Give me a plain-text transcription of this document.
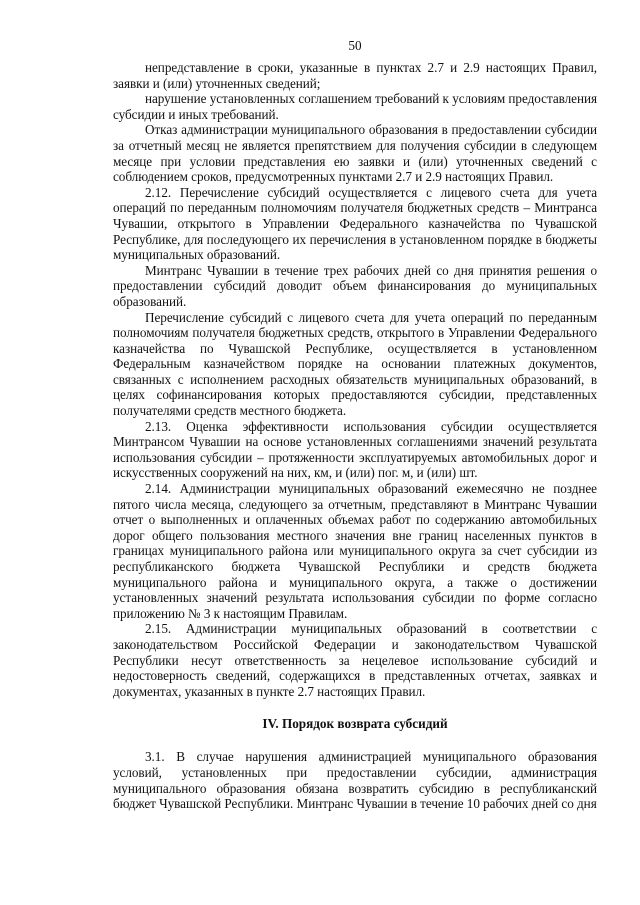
50

непредставление в сроки, указанные в пунктах 2.7 и 2.9 настоящих Правил, заявки и (или) уточненных сведений;

нарушение установленных соглашением требований к условиям предоставления субсидии и иных требований.

Отказ администрации муниципального образования в предоставлении субсидии за отчетный месяц не является препятствием для получения субсидии в следующем месяце при условии представления ею заявки и (или) уточненных сведений с соблюдением сроков, предусмотренных пунктами 2.7 и 2.9 настоящих Правил.

2.12. Перечисление субсидий осуществляется с лицевого счета для учета операций по переданным полномочиям получателя бюджетных средств – Минтранса Чувашии, открытого в Управлении Федерального казначейства по Чувашской Республике, для последующего их перечисления в установленном порядке в бюджеты муниципальных образований.

Минтранс Чувашии в течение трех рабочих дней со дня принятия решения о предоставлении субсидий доводит объем финансирования до муниципальных образований.

Перечисление субсидий с лицевого счета для учета операций по переданным полномочиям получателя бюджетных средств, открытого в Управлении Федерального казначейства по Чувашской Республике, осуществляется в установленном Федеральным казначейством порядке на основании платежных документов, связанных с исполнением расходных обязательств муниципальных образований, в целях софинансирования которых предоставляются субсидии, представленных получателями средств местного бюджета.

2.13. Оценка эффективности использования субсидии осуществляется Минтрансом Чувашии на основе установленных соглашениями значений результата использования субсидии – протяженности эксплуатируемых автомобильных дорог и искусственных сооружений на них, км, и (или) пог. м, и (или) шт.

2.14. Администрации муниципальных образований ежемесячно не позднее пятого числа месяца, следующего за отчетным, представляют в Минтранс Чувашии отчет о выполненных и оплаченных объемах работ по содержанию автомобильных дорог общего пользования местного значения вне границ населенных пунктов в границах муниципального района или муниципального округа за счет субсидии из республиканского бюджета Чувашской Республики и средств бюджета муниципального района и муниципального округа, а также о достижении установленных значений результата использования субсидии по форме согласно приложению № 3 к настоящим Правилам.

2.15. Администрации муниципальных образований в соответствии с законодательством Российской Федерации и законодательством Чувашской Республики несут ответственность за нецелевое использование субсидий и недостоверность сведений, содержащихся в представленных отчетах, заявках и документах, указанных в пункте 2.7 настоящих Правил.

IV. Порядок возврата субсидий

3.1. В случае нарушения администрацией муниципального образования условий, установленных при предоставлении субсидии, администрация муниципального образования обязана возвратить субсидию в республиканский бюджет Чувашской Республики. Минтранс Чувашии в течение 10 рабочих дней со дня
